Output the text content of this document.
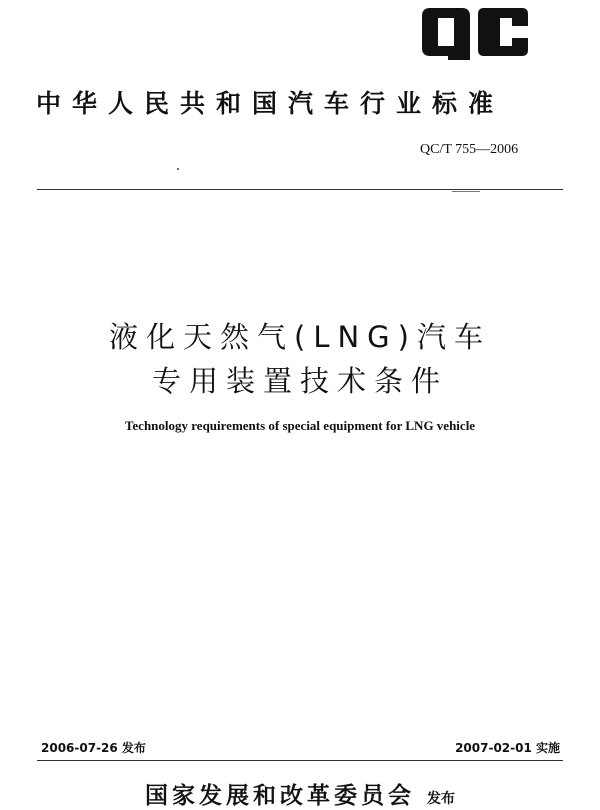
中华人民共和国汽车行业标准
QC/T 755—2006
液化天然气(LNG)汽车
专用装置技术条件
Technology requirements of special equipment for LNG vehicle
2006-07-26 发布	2007-02-01 实施
国家发展和改革委员会 发布
